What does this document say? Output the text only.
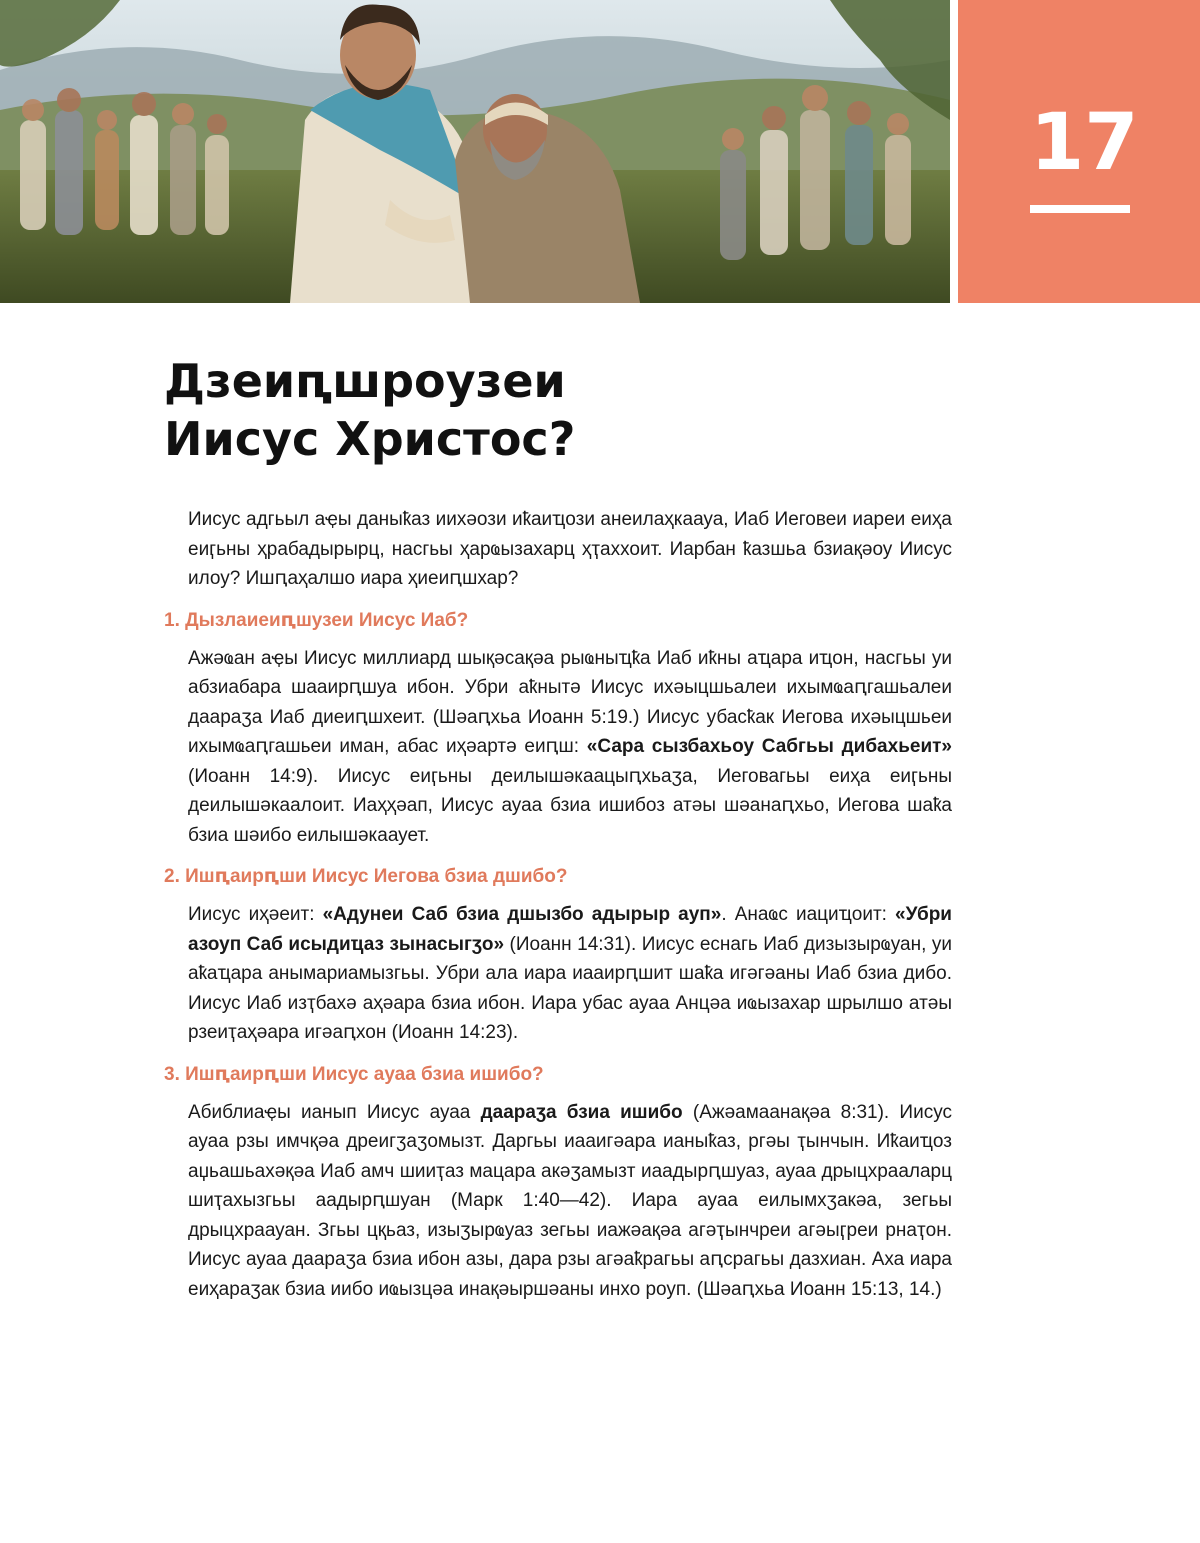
17
Дзеиԥшроузеи
Иисус Христос?

Иисус адгьыл аҿы даныҟаз иихәози иҟаиҵози анеилаҳкаауа, Иаб Иеговеи иареи еиҳа еиӷьны ҳрабадырырц, насгьы ҳарҩызахарц ҳҭаххоит. Иарбан ҟазшьа бзиақәоу Иисус илоу? Ишԥаҳалшо иара ҳиеиԥшхар?

1. Дызлаиеиԥшузеи Иисус Иаб?

Ажәҩан аҿы Иисус миллиард шықәсақәа рыҩныҵҟа Иаб иҟны аҵара иҵон, насгьы уи абзиабара шааирԥшуа ибон. Убри аҟнытә Иисус ихәыцшьалеи ихымҩаԥгашьалеи даараӡа Иаб диеиԥшхеит. (Шәаԥхьа Иоанн 5:19.) Иисус убасҟак Иегова ихәыцшьеи ихымҩаԥгашьеи иман, абас иҳәартә еиԥш: «Сара сызбахьоу Сабгьы дибахьеит» (Иоанн 14:9). Иисус еиӷьны деилышәкаацыԥхьаӡа, Иеговагьы еиҳа еиӷьны деилышәкаалоит. Иаҳҳәап, Иисус ауаа бзиа ишибоз атәы шәанаԥхьо, Иегова шаҟа бзиа шәибо еилышәкааует.

2. Ишԥаирԥши Иисус Иегова бзиа дшибо?

Иисус иҳәеит: «Адунеи Саб бзиа дшызбо адырыр ауп». Анаҩс иациҵоит: «Убри азоуп Саб исыдиҵаз зынасыгӡо» (Иоанн 14:31). Иисус еснагь Иаб дизызырҩуан, уи аҟаҵара анымариамызгьы. Убри ала иара иааирԥшит шаҟа игәгәаны Иаб бзиа дибо. Иисус Иаб изҭбахә аҳәара бзиа ибон. Иара убас ауаа Анцәа иҩызахар шрылшо атәы рзеиҭаҳәара игәаԥхон (Иоанн 14:23).

3. Ишԥаирԥши Иисус ауаа бзиа ишибо?

Абиблиаҿы ианып Иисус ауаа даараӡа бзиа ишибо (Ажәамаанақәа 8:31). Иисус ауаа рзы имчқәа дреигӡаӡомызт. Даргьы иааигәара ианыҟаз, ргәы ҭынчын. Иҟаиҵоз аџьашьахәқәа Иаб амч шииҭаз мацара акәӡамызт иаадырԥшуаз, ауаа дрыцхрааларц шиҭахызгьы аадырԥшуан (Марк 1:40—42). Иара ауаа еилымхӡакәа, зегьы дрыцхраауан. Згьы цқьаз, изыӡырҩуаз зегьы иажәақәа агәҭынчреи агәыӷреи рнаҭон. Иисус ауаа даараӡа бзиа ибон азы, дара рзы агәаҟрагьы аԥсрагьы дазхиан. Аха иара еиҳараӡак бзиа иибо иҩызцәа инақәыршәаны инхо роуп. (Шәаԥхьа Иоанн 15:13, 14.)
